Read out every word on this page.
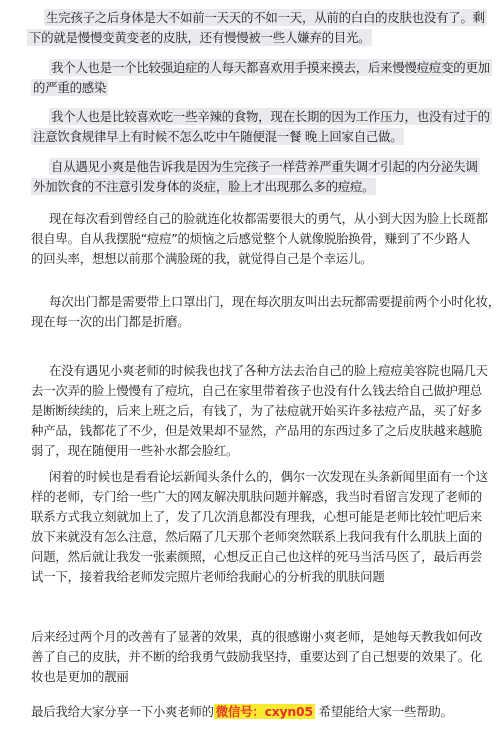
生完孩子之后身体是大不如前一天天的不如一天，从前的白白的皮肤也没有了。剩
下的就是慢慢变黄变老的皮肤，还有慢慢被一些人嫌弃的目光。
我个人也是一个比较强迫症的人每天都喜欢用手摸来摸去，后来慢慢痘痘变的更加
的严重的感染
我个人也是比较喜欢吃一些辛辣的食物，现在长期的因为工作压力，也没有过于的
注意饮食规律早上有时候不怎么吃中午随便混一餐 晚上回家自己做。
自从遇见小爽是他告诉我是因为生完孩子一样营养严重失调才引起的内分泌失调
外加饮食的不注意引发身体的炎症，脸上才出现那么多的痘痘。
现在每次看到曾经自己的脸就连化妆都需要很大的勇气，从小到大因为脸上长斑都
很自卑。自从我摆脱“痘痘”的烦恼之后感觉整个人就像脱胎换骨，赚到了不少路人
的回头率，想想以前那个满脸斑的我，就觉得自己是个幸运儿。
每次出门都是需要带上口罩出门，现在每次朋友叫出去玩都需要提前两个小时化妆，
现在每一次的出门都是折磨。
在没有遇见小爽老师的时候我也找了各种方法去治自己的脸上痘痘美容院也隔几天
去一次弄的脸上慢慢有了痘坑，自己在家里带着孩子也没有什么钱去给自己做护理总
是断断续续的，后来上班之后，有钱了，为了祛痘就开始买许多祛痘产品，买了好多
种产品，钱都花了不少，但是效果却不显然，产品用的东西过多了之后皮肤越来越脆
弱了，现在随便用一些补水都会脸红。
闲着的时候也是看看论坛新闻头条什么的，偶尔一次发现在头条新闻里面有一个这
样的老师，专门给一些广大的网友解决肌肤问题并解惑，我当时看留言发现了老师的
联系方式我立刻就加上了，发了几次消息都没有理我，心想可能是老师比较忙吧后来
放下来就没有怎么注意，然后隔了几天那个老师突然联系上我问我有什么肌肤上面的
问题，然后就让我发一张素颜照，心想反正自己也这样的死马当活马医了，最后再尝
试一下，接着我给老师发完照片老师给我耐心的分析我的肌肤问题
后来经过两个月的改善有了显著的效果，真的很感谢小爽老师，是她每天教我如何改
善了自己的皮肤，并不断的给我勇气鼓励我坚持，重要达到了自己想要的效果了。化
妆也是更加的靓丽
最后我给大家分享一下小爽老师的 微信号：cxyn05 希望能给大家一些帮助。
